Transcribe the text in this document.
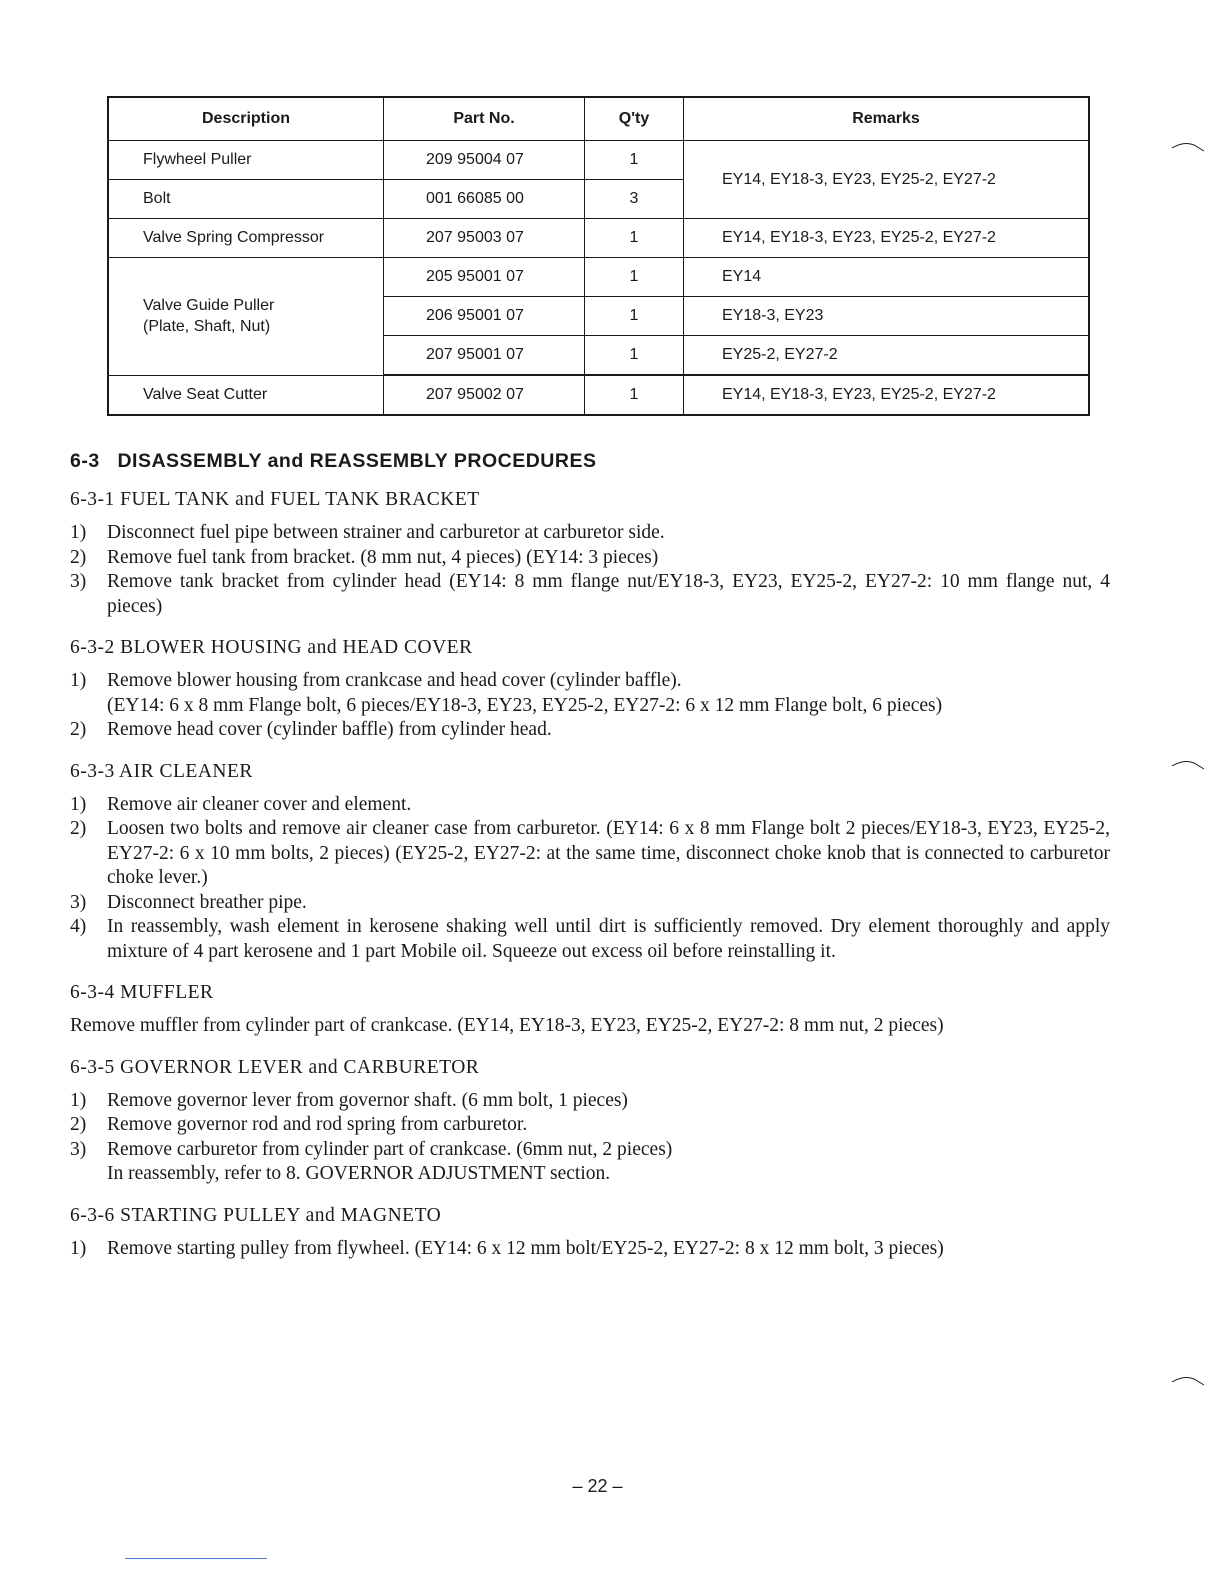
Description	Part No.	Q'ty	Remarks
Flywheel Puller	209 95004 07	1	EY14, EY18-3, EY23, EY25-2, EY27-2
Bolt	001 66085 00	3	
Valve Spring Compressor	207 95003 07	1	EY14, EY18-3, EY23, EY25-2, EY27-2

Valve Guide Puller
(Plate, Shaft, Nut)	205 95001 07	1	EY14
	206 95001 07	1	EY18-3, EY23
	207 95001 07	1	EY25-2, EY27-2
Valve Seat Cutter	207 95002 07	1	EY14, EY18-3, EY23, EY25-2, EY27-2
6-3 DISASSEMBLY and REASSEMBLY PROCEDURES
6-3-1 FUEL TANK and FUEL TANK BRACKET
1) Disconnect fuel pipe between strainer and carburetor at carburetor side.
2) Remove fuel tank from bracket. (8 mm nut, 4 pieces) (EY14: 3 pieces)
3) Remove tank bracket from cylinder head (EY14: 8 mm flange nut/EY18-3, EY23, EY25-2, EY27-2: 10 mm flange nut, 4 pieces)
6-3-2 BLOWER HOUSING and HEAD COVER
1) Remove blower housing from crankcase and head cover (cylinder baffle).
(EY14: 6 x 8 mm Flange bolt, 6 pieces/EY18-3, EY23, EY25-2, EY27-2: 6 x 12 mm Flange bolt, 6 pieces)
2) Remove head cover (cylinder baffle) from cylinder head.
6-3-3 AIR CLEANER
1) Remove air cleaner cover and element.
2) Loosen two bolts and remove air cleaner case from carburetor. (EY14: 6 x 8 mm Flange bolt 2 pieces/EY18-3, EY23, EY25-2, EY27-2: 6 x 10 mm bolts, 2 pieces) (EY25-2, EY27-2: at the same time, disconnect choke knob that is connected to carburetor choke lever.)
3) Disconnect breather pipe.
4) In reassembly, wash element in kerosene shaking well until dirt is sufficiently removed. Dry element thoroughly and apply mixture of 4 part kerosene and 1 part Mobile oil. Squeeze out excess oil before reinstalling it.
6-3-4 MUFFLER

Remove muffler from cylinder part of crankcase. (EY14, EY18-3, EY23, EY25-2, EY27-2: 8 mm nut, 2 pieces)

6-3-5 GOVERNOR LEVER and CARBURETOR
1) Remove governor lever from governor shaft. (6 mm bolt, 1 pieces)
2) Remove governor rod and rod spring from carburetor.
3) Remove carburetor from cylinder part of crankcase. (6mm nut, 2 pieces)
In reassembly, refer to 8. GOVERNOR ADJUSTMENT section.
6-3-6 STARTING PULLEY and MAGNETO
1) Remove starting pulley from flywheel. (EY14: 6 x 12 mm bolt/EY25-2, EY27-2: 8 x 12 mm bolt, 3 pieces)
– 22 –
